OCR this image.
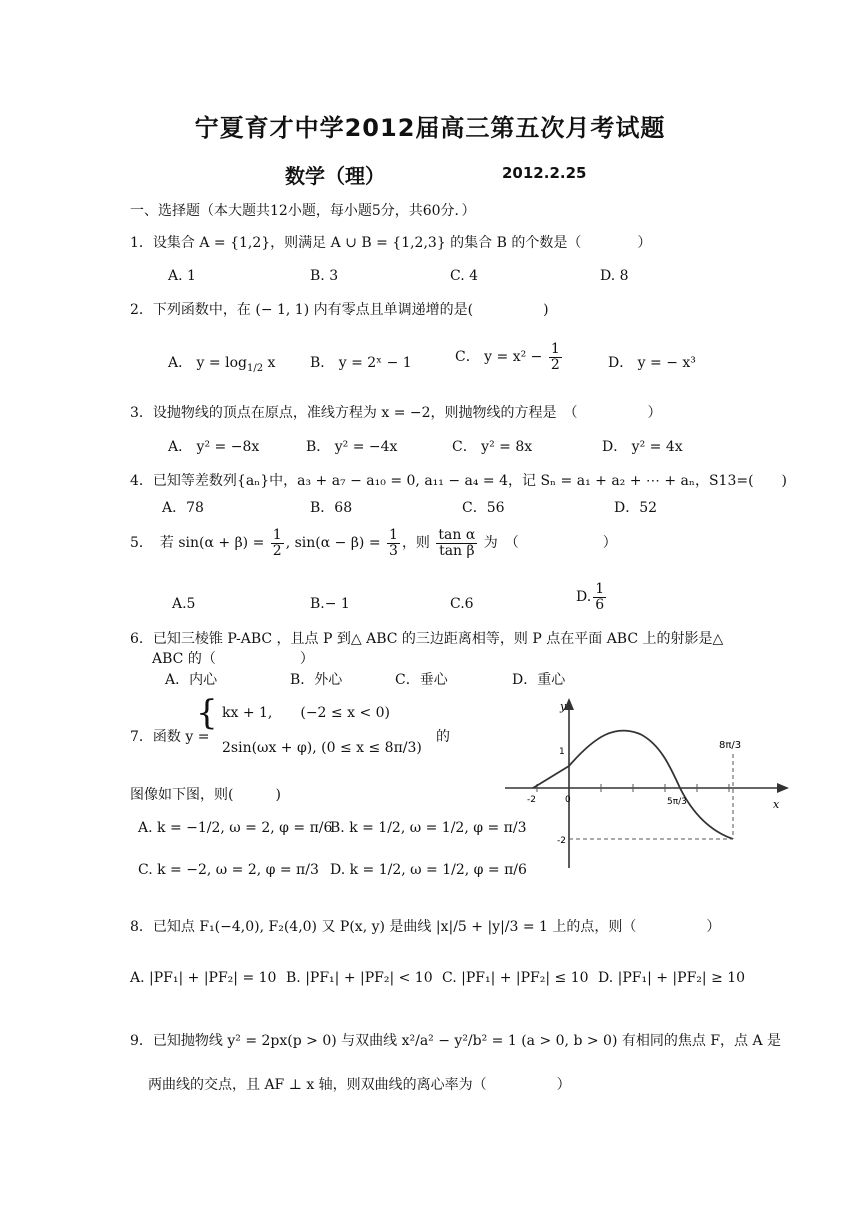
宁夏育才中学2012届高三第五次月考试题
数学（理）	2012.2.25
一、选择题（本大题共12小题，每小题5分，共60分．）
1．设集合 A = {1,2}，则满足 A ∪ B = {1,2,3} 的集合 B 的个数是（　　　　）
A. 1	B. 3	C. 4	D. 8
2．下列函数中，在 (− 1, 1) 内有零点且单调递增的是(　　　　　)
A． $y = \log_{1/2} x$ B． y = 2ˣ − 1	C． $y = x^2 - \frac{1}{2}$	D． y = − x³
3．设抛物线的顶点在原点，准线方程为 x = −2，则抛物线的方程是　（　　　　　）
A． y² = −8x	B． y² = −4x	C． y² = 8x	D． y² = 4x
4．已知等差数列{aₙ}中，a₃ + a₇ − a₁₀ = 0, a₁₁ − a₄ = 4，记 Sₙ = a₁ + a₂ + ⋯ + aₙ，S13=(　　)
A．78	B．68	C．56	D．52
5．　若 $\sin(\alpha + \beta) = \frac{1}{2}$ , $\sin(\alpha - \beta) = \frac{1}{3}$ ，则 $\frac{\text{tan α}}{\text{tan β}}$ 为　（　　　　　　）
A.5	B.− 1	C.6	D. $\frac{1}{6}$
6．已知三棱锥 P-ABC ，且点 P 到△ ABC 的三边距离相等，则 P 点在平面 ABC 上的射影是△
ABC 的（　　　　　　）
A．内心	B．外心	C．垂心	D．重心
7．函数 y =
{ kx + 1,　　(−2 ≤ x < 0)
2sin(ωx + φ), (0 ≤ x ≤ 8π/3)
的
图像如下图，则(　　　)
A. k = −1/2, ω = 2, φ = π/6
B. k = 1/2, ω = 1/2, φ = π/3
C. k = −2, ω = 2, φ = π/3 D. k = 1/2, ω = 1/2, φ = π/6
y
x
-2	0
1
-2
5π/3
8π/3
8．已知点 F₁(−4,0), F₂(4,0) 又 P(x, y) 是曲线 |x|/5 + |y|/3 = 1 上的点，则（　　　　　）
A. |PF₁| + |PF₂| = 10 B. |PF₁| + |PF₂| < 10 C. |PF₁| + |PF₂| ≤ 10 D. |PF₁| + |PF₂| ≥ 10
9．已知抛物线 y² = 2px(p > 0) 与双曲线 x²/a² − y²/b² = 1 (a > 0, b > 0) 有相同的焦点 F，点 A 是
两曲线的交点，且 AF ⊥ x 轴，则双曲线的离心率为（　　　　　）
